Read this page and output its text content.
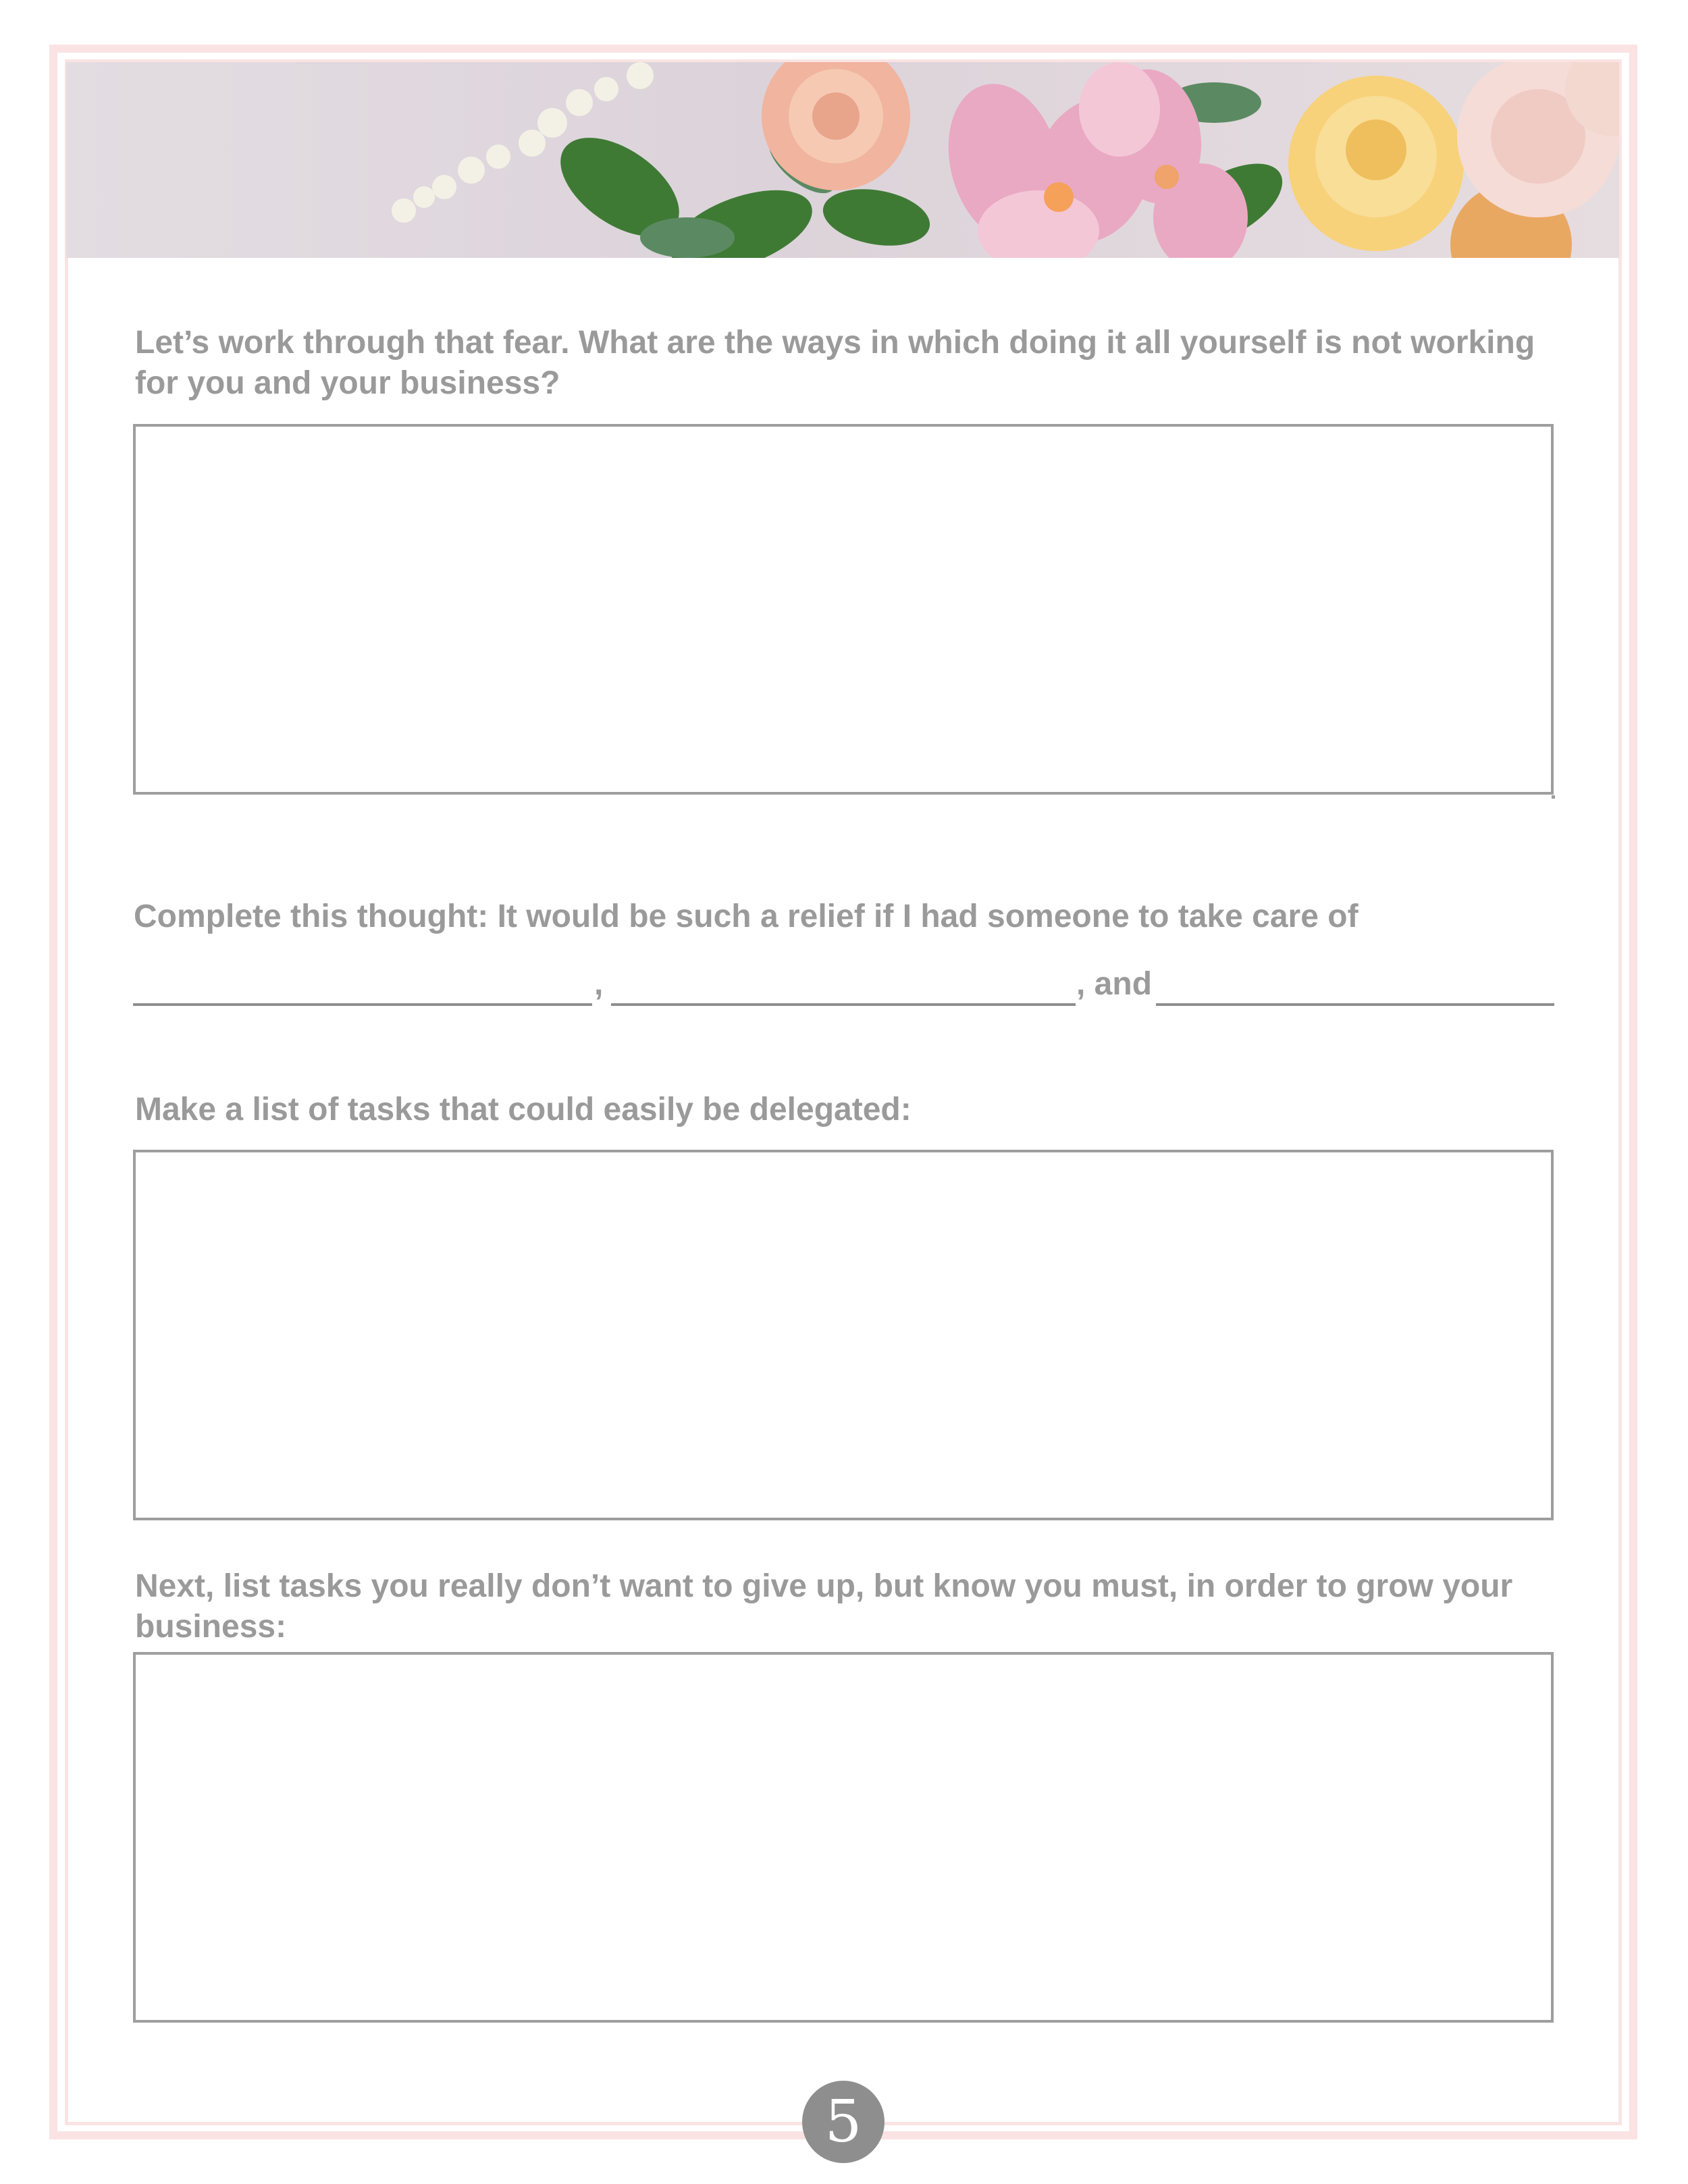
Let’s work through that fear. What are the ways in which doing it all yourself is not working for you and your business?

Complete this thought: It would be such a relief if I had someone to take care of

,	, and

Make a list of tasks that could easily be delegated:

Next, list tasks you really don’t want to give up, but know you must, in order to grow your business:

5
